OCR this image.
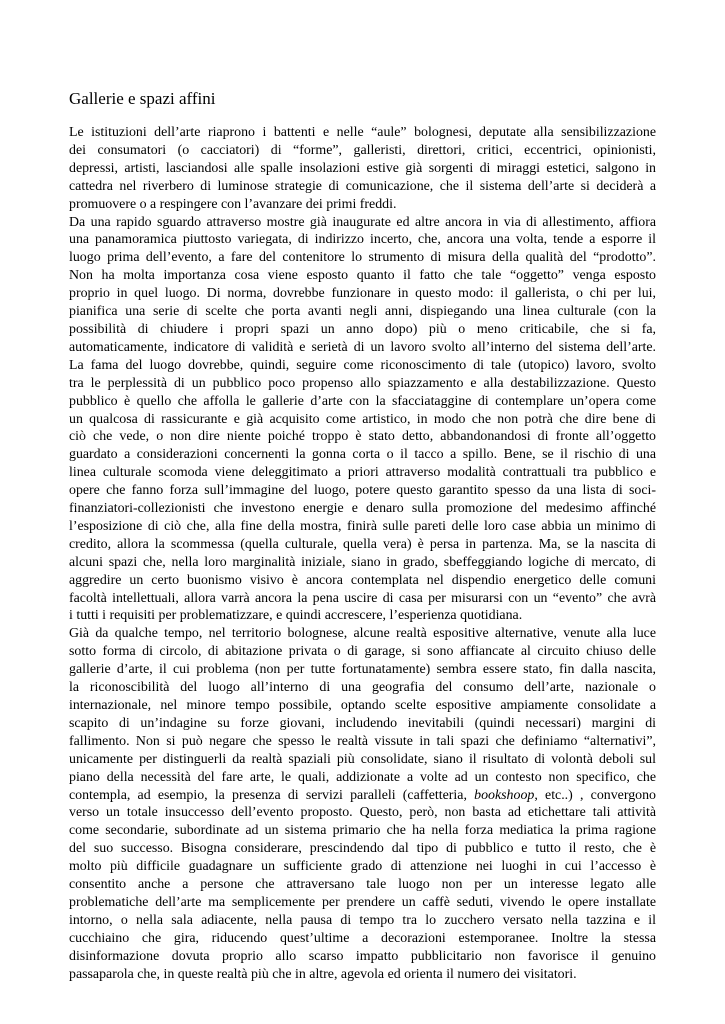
Gallerie e spazi affini
Le istituzioni dell’arte riaprono i battenti e nelle “aule” bolognesi, deputate alla sensibilizzazione
dei consumatori (o cacciatori) di “forme”, galleristi, direttori, critici, eccentrici, opinionisti,
depressi, artisti, lasciandosi alle spalle insolazioni estive già sorgenti di miraggi estetici, salgono in
cattedra nel riverbero di luminose strategie di comunicazione, che il sistema dell’arte si deciderà a
promuovere o a respingere con l’avanzare dei primi freddi.
Da una rapido sguardo attraverso mostre già inaugurate ed altre ancora in via di allestimento, affiora
una panamoramica piuttosto variegata, di indirizzo incerto, che, ancora una volta, tende a esporre il
luogo prima dell’evento, a fare del contenitore lo strumento di misura della qualità del “prodotto”.
Non ha molta importanza cosa viene esposto quanto il fatto che tale “oggetto” venga esposto
proprio in quel luogo. Di norma, dovrebbe funzionare in questo modo: il gallerista, o chi per lui,
pianifica una serie di scelte che porta avanti negli anni, dispiegando una linea culturale (con la
possibilità di chiudere i propri spazi un anno dopo) più o meno criticabile, che si fa,
automaticamente, indicatore di validità e serietà di un lavoro svolto all’interno del sistema dell’arte.
La fama del luogo dovrebbe, quindi, seguire come riconoscimento di tale (utopico) lavoro, svolto
tra le perplessità di un pubblico poco propenso allo spiazzamento e alla destabilizzazione. Questo
pubblico è quello che affolla le gallerie d’arte con la sfacciataggine di contemplare un’opera come
un qualcosa di rassicurante e già acquisito come artistico, in modo che non potrà che dire bene di
ciò che vede, o non dire niente poiché troppo è stato detto, abbandonandosi di fronte all’oggetto
guardato a considerazioni concernenti la gonna corta o il tacco a spillo. Bene, se il rischio di una
linea culturale scomoda viene deleggitimato a priori attraverso modalità contrattuali tra pubblico e
opere che fanno forza sull’immagine del luogo, potere questo garantito spesso da una lista di soci-
finanziatori-collezionisti che investono energie e denaro sulla promozione del medesimo affinché
l’esposizione di ciò che, alla fine della mostra, finirà sulle pareti delle loro case abbia un minimo di
credito, allora la scommessa (quella culturale, quella vera) è persa in partenza. Ma, se la nascita di
alcuni spazi che, nella loro marginalità iniziale, siano in grado, sbeffeggiando logiche di mercato, di
aggredire un certo buonismo visivo è ancora contemplata nel dispendio energetico delle comuni
facoltà intellettuali, allora varrà ancora la pena uscire di casa per misurarsi con un “evento” che avrà
i tutti i requisiti per problematizzare, e quindi accrescere, l’esperienza quotidiana.
Già da qualche tempo, nel territorio bolognese, alcune realtà espositive alternative, venute alla luce
sotto forma di circolo, di abitazione privata o di garage, si sono affiancate al circuito chiuso delle
gallerie d’arte, il cui problema (non per tutte fortunatamente) sembra essere stato, fin dalla nascita,
la riconoscibilità del luogo all’interno di una geografia del consumo dell’arte, nazionale o
internazionale, nel minore tempo possibile, optando scelte espositive ampiamente consolidate a
scapito di un’indagine su forze giovani, includendo inevitabili (quindi necessari) margini di
fallimento. Non si può negare che spesso le realtà vissute in tali spazi che definiamo “alternativi”,
unicamente per distinguerli da realtà spaziali più consolidate, siano il risultato di volontà deboli sul
piano della necessità del fare arte, le quali, addizionate a volte ad un contesto non specifico, che
contempla, ad esempio, la presenza di servizi paralleli (caffetteria, bookshoop, etc..) , convergono
verso un totale insuccesso dell’evento proposto. Questo, però, non basta ad etichettare tali attività
come secondarie, subordinate ad un sistema primario che ha nella forza mediatica la prima ragione
del suo successo. Bisogna considerare, prescindendo dal tipo di pubblico e tutto il resto, che è
molto più difficile guadagnare un sufficiente grado di attenzione nei luoghi in cui l’accesso è
consentito anche a persone che attraversano tale luogo non per un interesse legato alle
problematiche dell’arte ma semplicemente per prendere un caffè seduti, vivendo le opere installate
intorno, o nella sala adiacente, nella pausa di tempo tra lo zucchero versato nella tazzina e il
cucchiaino che gira, riducendo quest’ultime a decorazioni estemporanee. Inoltre la stessa
disinformazione dovuta proprio allo scarso impatto pubblicitario non favorisce il genuino
passaparola che, in queste realtà più che in altre, agevola ed orienta il numero dei visitatori.
